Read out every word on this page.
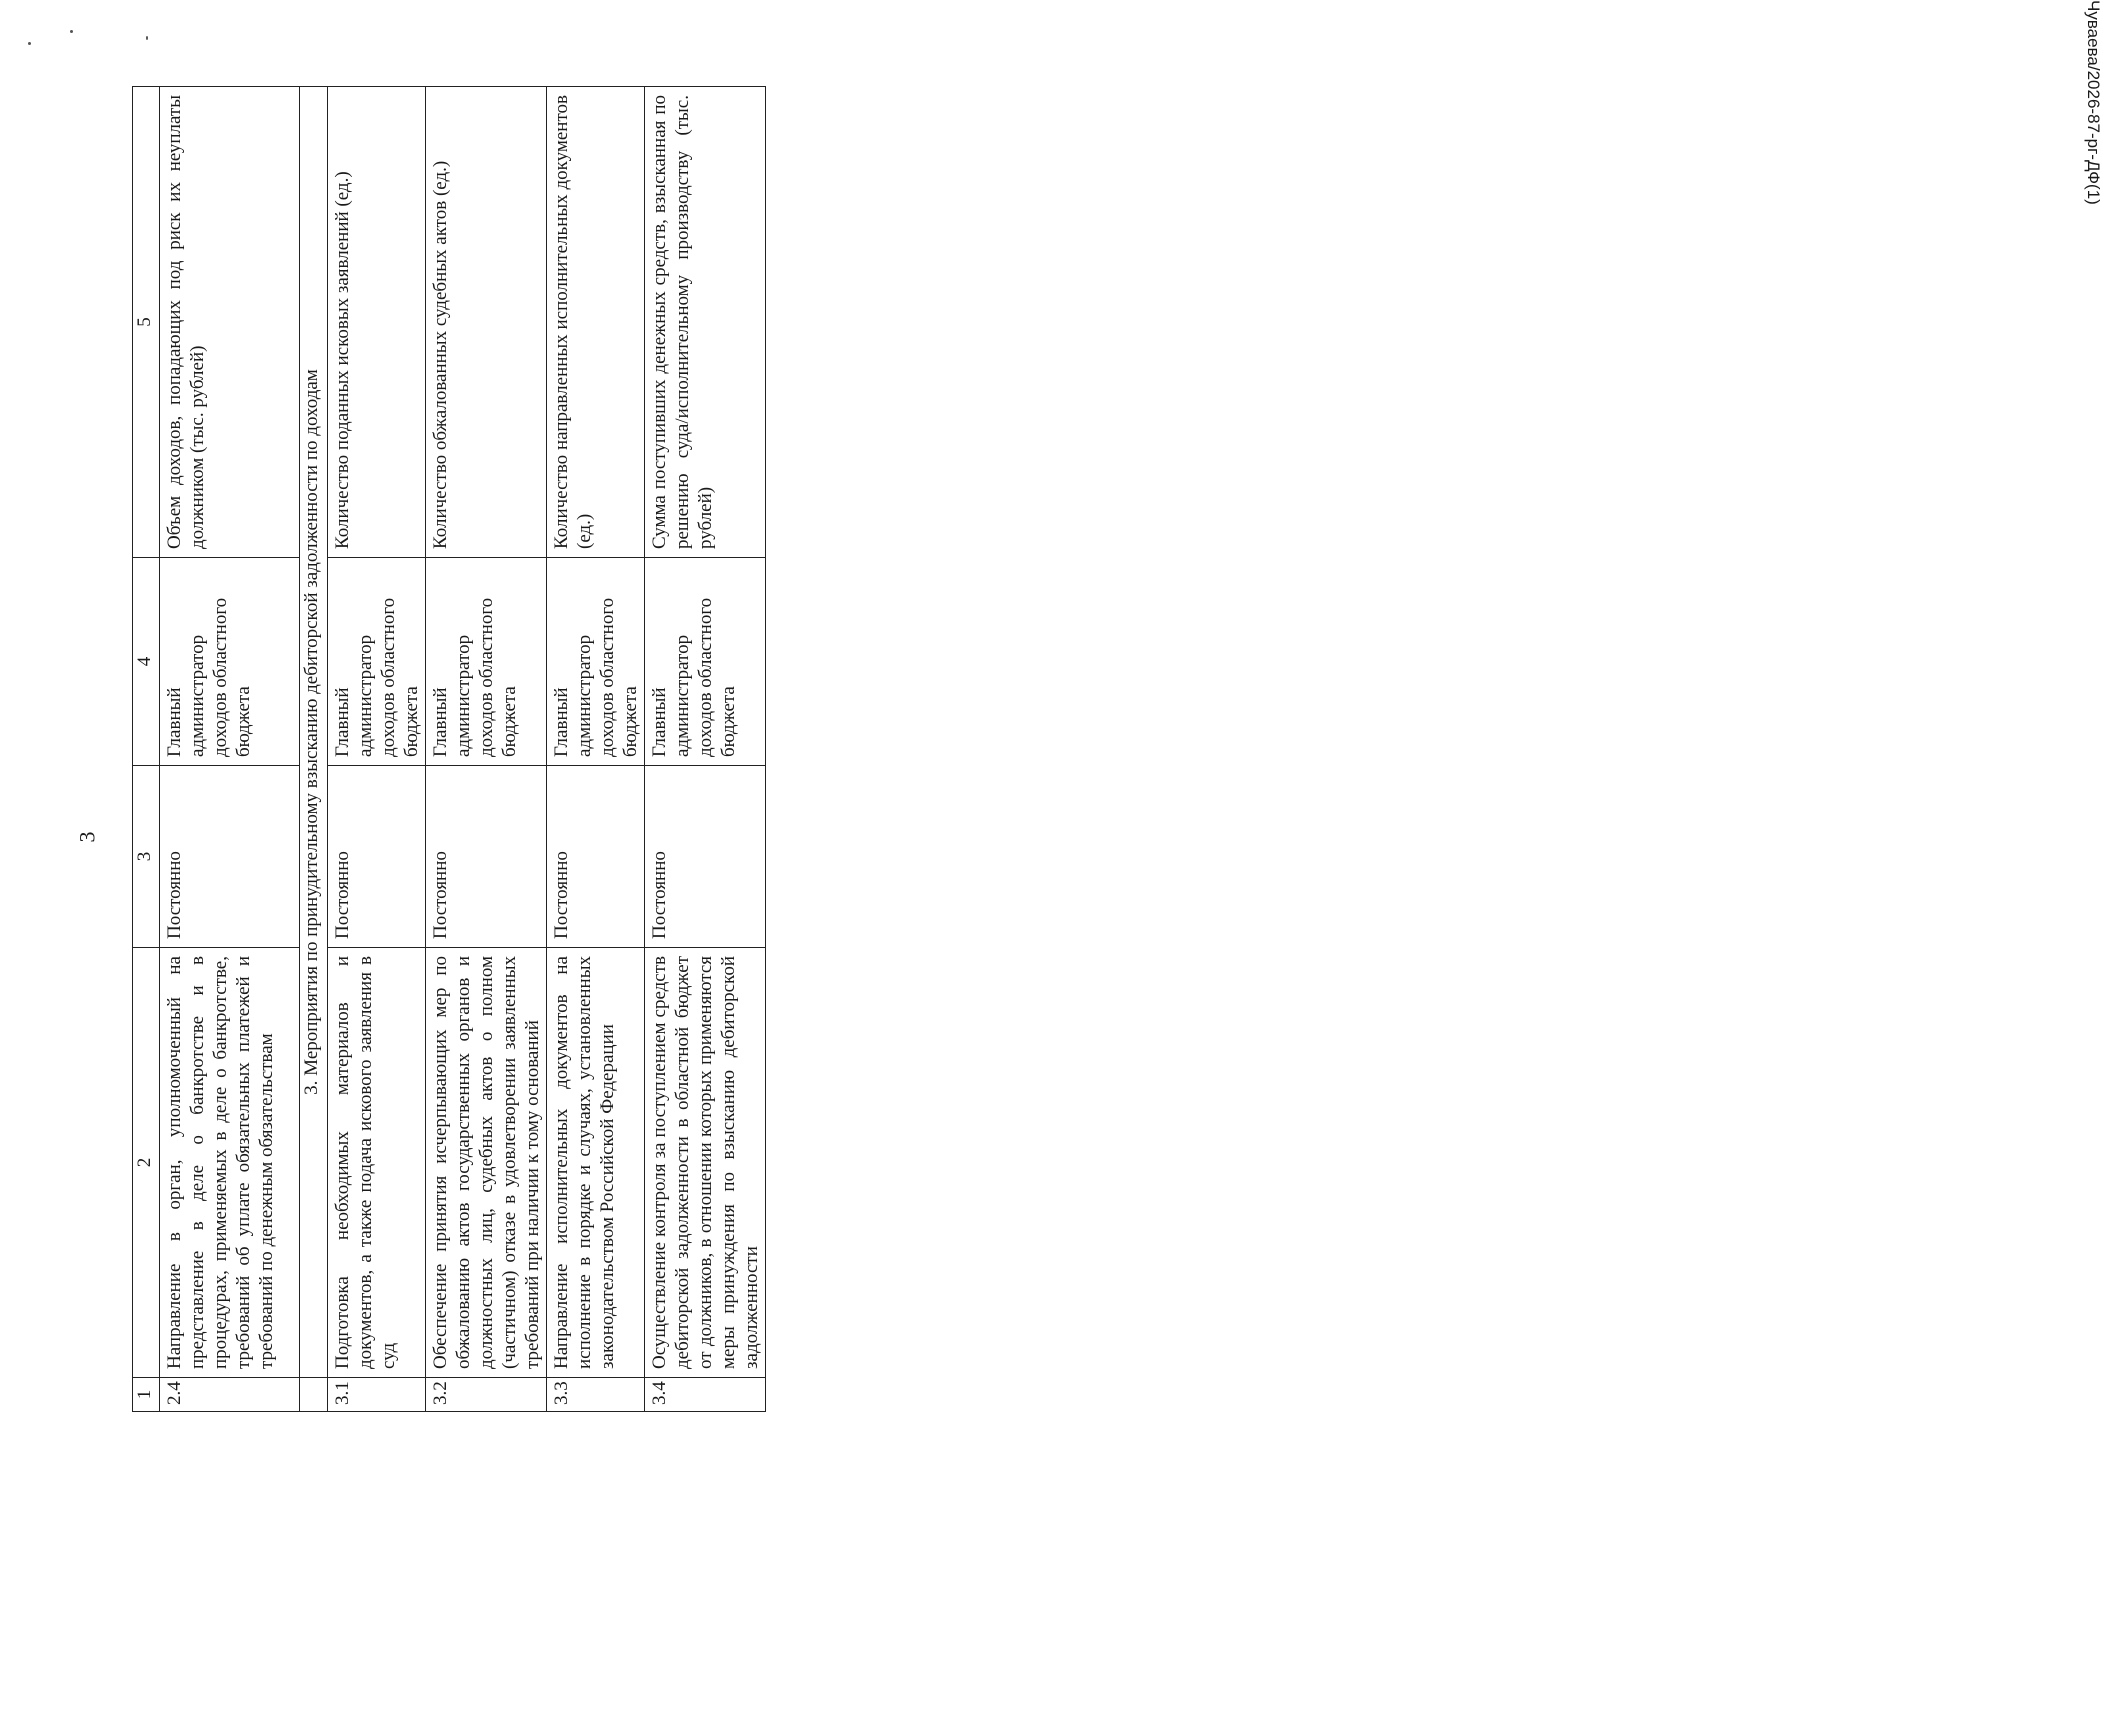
3
Чуваева/2026-87-рг-ДФ(1)
1	2	3	4	5
2.4	Направление в орган, уполномоченный на представление в деле о банкротстве и в процедурах, применяемых в деле о банкротстве, требований об уплате обязательных платежей и требований по денежным обязательствам	Постоянно	Главный администратор доходов областного бюджета	Объем доходов, попадающих под риск их неуплаты должником (тыс. рублей)
	3. Мероприятия по принудительному взысканию дебиторской задолженности по доходам			
3.1	Подготовка необходимых материалов и документов, а также подача искового заявления в суд	Постоянно	Главный администратор доходов областного бюджета	Количество поданных исковых заявлений (ед.)
3.2	Обеспечение принятия исчерпывающих мер по обжалованию актов государственных органов и должностных лиц, судебных актов о полном (частичном) отказе в удовлетворении заявленных требований при наличии к тому оснований	Постоянно	Главный администратор доходов областного бюджета	Количество обжалованных судебных актов (ед.)
3.3	Направление исполнительных документов на исполнение в порядке и случаях, установленных законодательством Российской Федерации	Постоянно	Главный администратор доходов областного бюджета	Количество направленных исполнительных документов (ед.)
3.4	Осуществление контроля за поступлением средств дебиторской задолженности в областной бюджет от должников, в отношении которых применяются меры принуждения по взысканию дебиторской задолженности	Постоянно	Главный администратор доходов областного бюджета	Сумма поступивших денежных средств, взысканная по решению суда/исполнительному производству (тыс. рублей)
